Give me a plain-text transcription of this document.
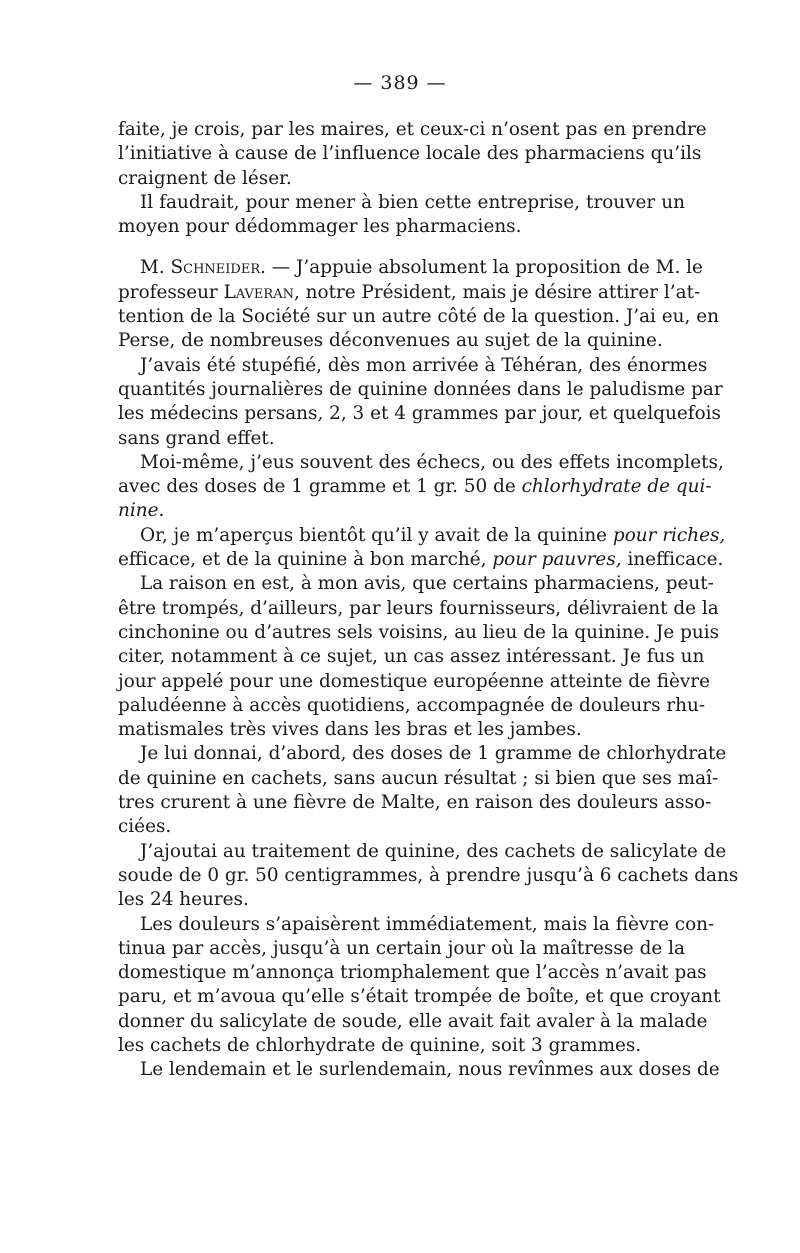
— 389 —
faite, je crois, par les maires, et ceux-ci n’osent pas en prendre
l’initiative à cause de l’influence locale des pharmaciens qu’ils
craignent de léser.
Il faudrait, pour mener à bien cette entreprise, trouver un
moyen pour dédommager les pharmaciens.
M. Schneider. — J’appuie absolument la proposition de M. le
professeur Laveran, notre Président, mais je désire attirer l’at-
tention de la Société sur un autre côté de la question. J’ai eu, en
Perse, de nombreuses déconvenues au sujet de la quinine.
J’avais été stupéfié, dès mon arrivée à Téhéran, des énormes
quantités journalières de quinine données dans le paludisme par
les médecins persans, 2, 3 et 4 grammes par jour, et quelquefois
sans grand effet.
Moi-même, j’eus souvent des échecs, ou des effets incomplets,
avec des doses de 1 gramme et 1 gr. 50 de chlorhydrate de qui-
nine.
Or, je m’aperçus bientôt qu’il y avait de la quinine pour riches,
efficace, et de la quinine à bon marché, pour pauvres, inefficace.
La raison en est, à mon avis, que certains pharmaciens, peut-
être trompés, d’ailleurs, par leurs fournisseurs, délivraient de la
cinchonine ou d’autres sels voisins, au lieu de la quinine. Je puis
citer, notamment à ce sujet, un cas assez intéressant. Je fus un
jour appelé pour une domestique européenne atteinte de fièvre
paludéenne à accès quotidiens, accompagnée de douleurs rhu-
matismales très vives dans les bras et les jambes.
Je lui donnai, d’abord, des doses de 1 gramme de chlorhydrate
de quinine en cachets, sans aucun résultat ; si bien que ses maî-
tres crurent à une fièvre de Malte, en raison des douleurs asso-
ciées.
J’ajoutai au traitement de quinine, des cachets de salicylate de
soude de 0 gr. 50 centigrammes, à prendre jusqu’à 6 cachets dans
les 24 heures.
Les douleurs s’apaisèrent immédiatement, mais la fièvre con-
tinua par accès, jusqu’à un certain jour où la maîtresse de la
domestique m’annonça triomphalement que l’accès n’avait pas
paru, et m’avoua qu’elle s’était trompée de boîte, et que croyant
donner du salicylate de soude, elle avait fait avaler à la malade
les cachets de chlorhydrate de quinine, soit 3 grammes.
Le lendemain et le surlendemain, nous revînmes aux doses de
